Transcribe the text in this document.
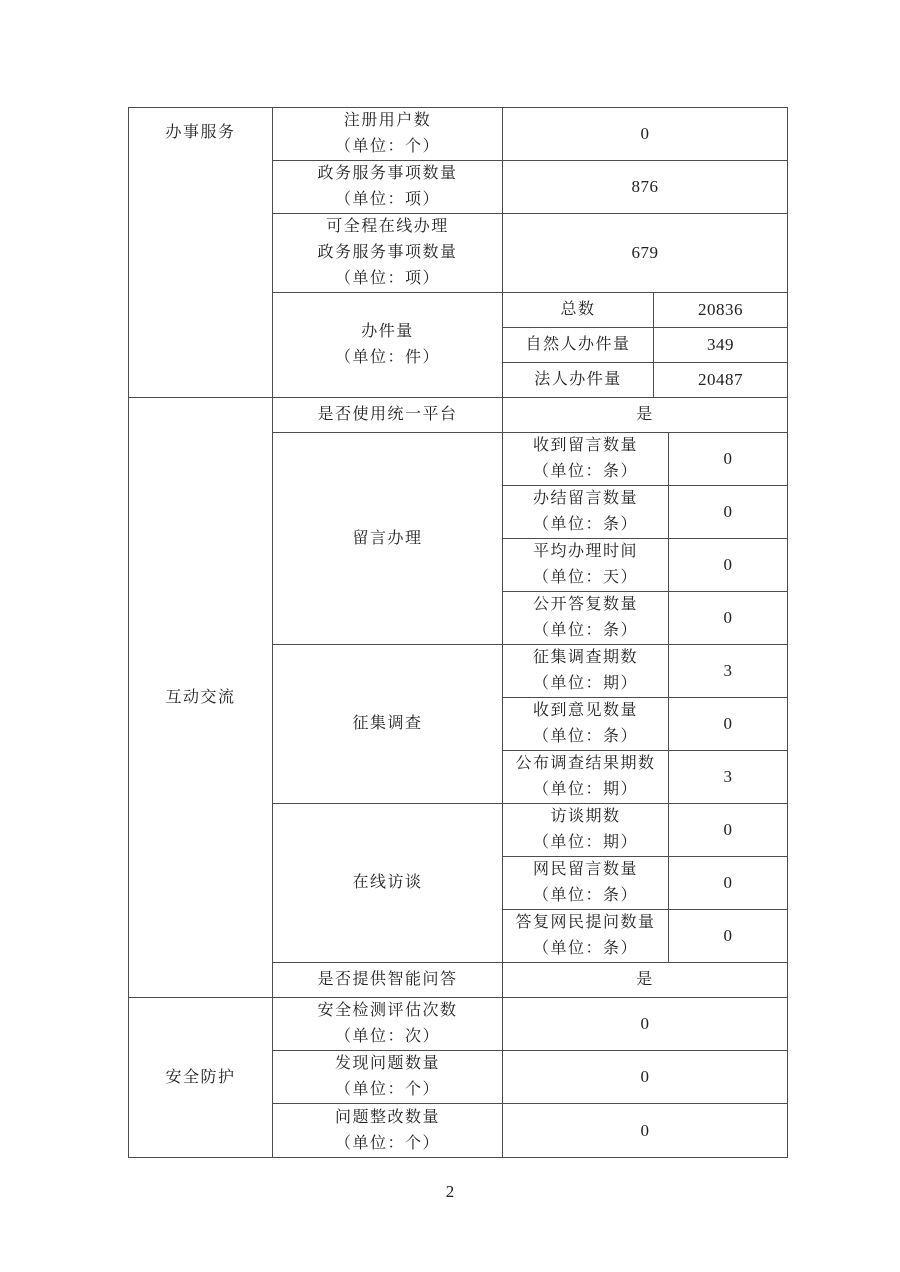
办事服务	注册用户数
（单位：个）	0		

	政务服务事项数量
（单位：项）	876		

	可全程在线办理
政务服务事项数量
（单位：项）	679		

	办件量
（单位：件）	总数	20836	
		自然人办件量	349	
		法人办件量	20487	

互动交流	是否使用统一平台	是		
	留言办理	收到留言数量
（单位：条）		0

		办结留言数量
（单位：条）		0

		平均办理时间
（单位：天）		0

		公开答复数量
（单位：条）		0
	征集调查	征集调查期数
（单位：期）		3

		收到意见数量
（单位：条）		0

		公布调查结果期数
（单位：期）		3
	在线访谈	访谈期数
（单位：期）		0

		网民留言数量
（单位：条）		0

		答复网民提问数量
（单位：条）		0
	是否提供智能问答	是		

安全防护	安全检测评估次数
（单位：次）	0		

	发现问题数量
（单位：个）	0		

	问题整改数量
（单位：个）	0		
2
